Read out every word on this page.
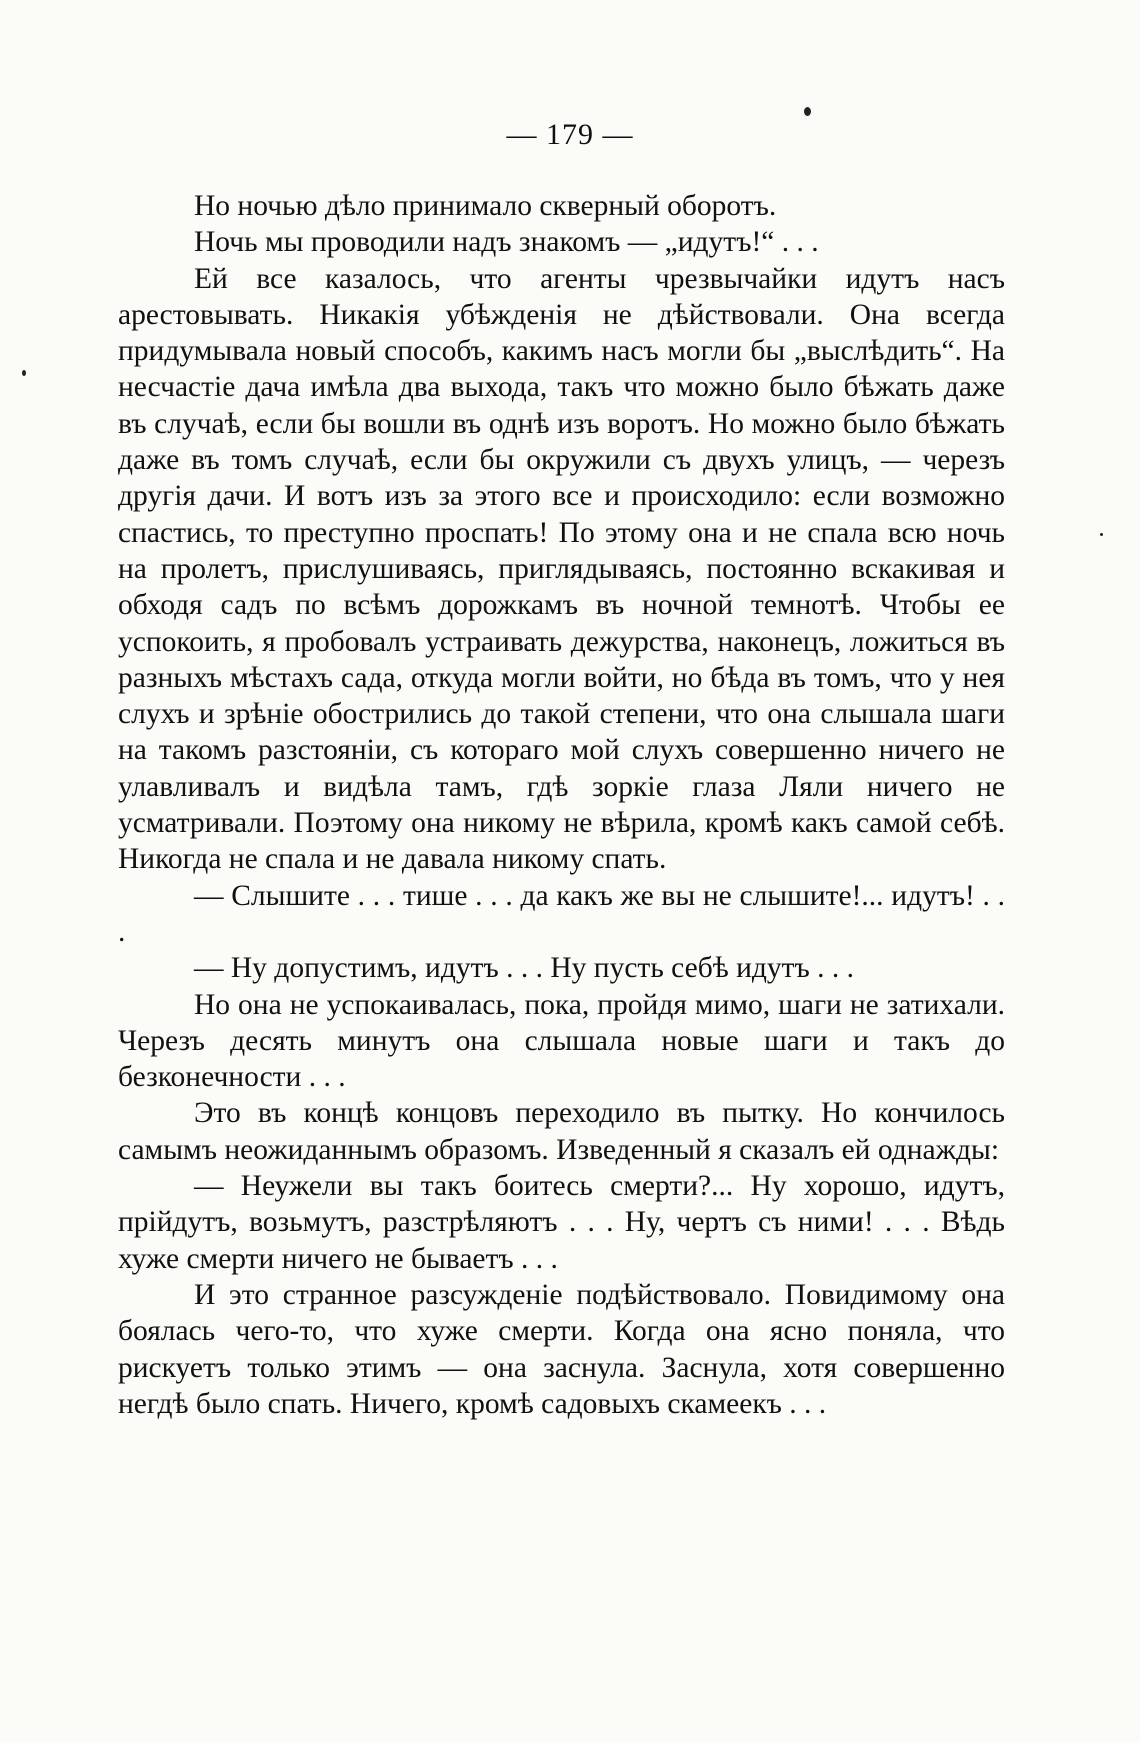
— 179 —

Но ночью дѣло принимало скверный оборотъ.

Ночь мы проводили надъ знакомъ — „идутъ!“ . . .

Ей все казалось, что агенты чрезвычайки идутъ насъ арестовывать. Никакія убѣжденія не дѣйствовали. Она всегда придумывала новый способъ, какимъ насъ могли бы „выслѣдить“. На несчастіе дача имѣла два выхода, такъ что можно было бѣжать даже въ случаѣ, если бы вошли въ однѣ изъ воротъ. Но можно было бѣжать даже въ томъ случаѣ, если бы окружили съ двухъ улицъ, — черезъ другія дачи. И вотъ изъ за этого все и происходило: если возможно спастись, то преступно проспать! По этому она и не спала всю ночь на пролетъ, прислушиваясь, приглядываясь, постоянно вскакивая и обходя садъ по всѣмъ дорожкамъ въ ночной темнотѣ. Чтобы ее успокоить, я пробовалъ устраивать дежурства, наконецъ, ложиться въ разныхъ мѣстахъ сада, откуда могли войти, но бѣда въ томъ, что у нея слухъ и зрѣніе обострились до такой степени, что она слышала шаги на такомъ разстояніи, съ котораго мой слухъ совершенно ничего не улавливалъ и видѣла тамъ, гдѣ зоркіе глаза Ляли ничего не усматривали. Поэтому она никому не вѣрила, кромѣ какъ самой себѣ. Никогда не спала и не давала никому спать.

— Слышите . . . тише . . . да какъ же вы не слышите!... идутъ! . . .

— Ну допустимъ, идутъ . . . Ну пусть себѣ идутъ . . .

Но она не успокаивалась, пока, пройдя мимо, шаги не затихали. Черезъ десять минутъ она слышала новые шаги и такъ до безконечности . . .

Это въ концѣ концовъ переходило въ пытку. Но кончилось самымъ неожиданнымъ образомъ. Изведенный я сказалъ ей однажды:

— Неужели вы такъ боитесь смерти?... Ну хорошо, идутъ, прійдутъ, возьмутъ, разстрѣляютъ . . . Ну, чертъ съ ними! . . . Вѣдь хуже смерти ничего не бываетъ . . .

И это странное разсужденіе подѣйствовало. Повидимому она боялась чего-то, что хуже смерти. Когда она ясно поняла, что рискуетъ только этимъ — она заснула. Заснула, хотя совершенно негдѣ было спать. Ничего, кромѣ садовыхъ скамеекъ . . .
